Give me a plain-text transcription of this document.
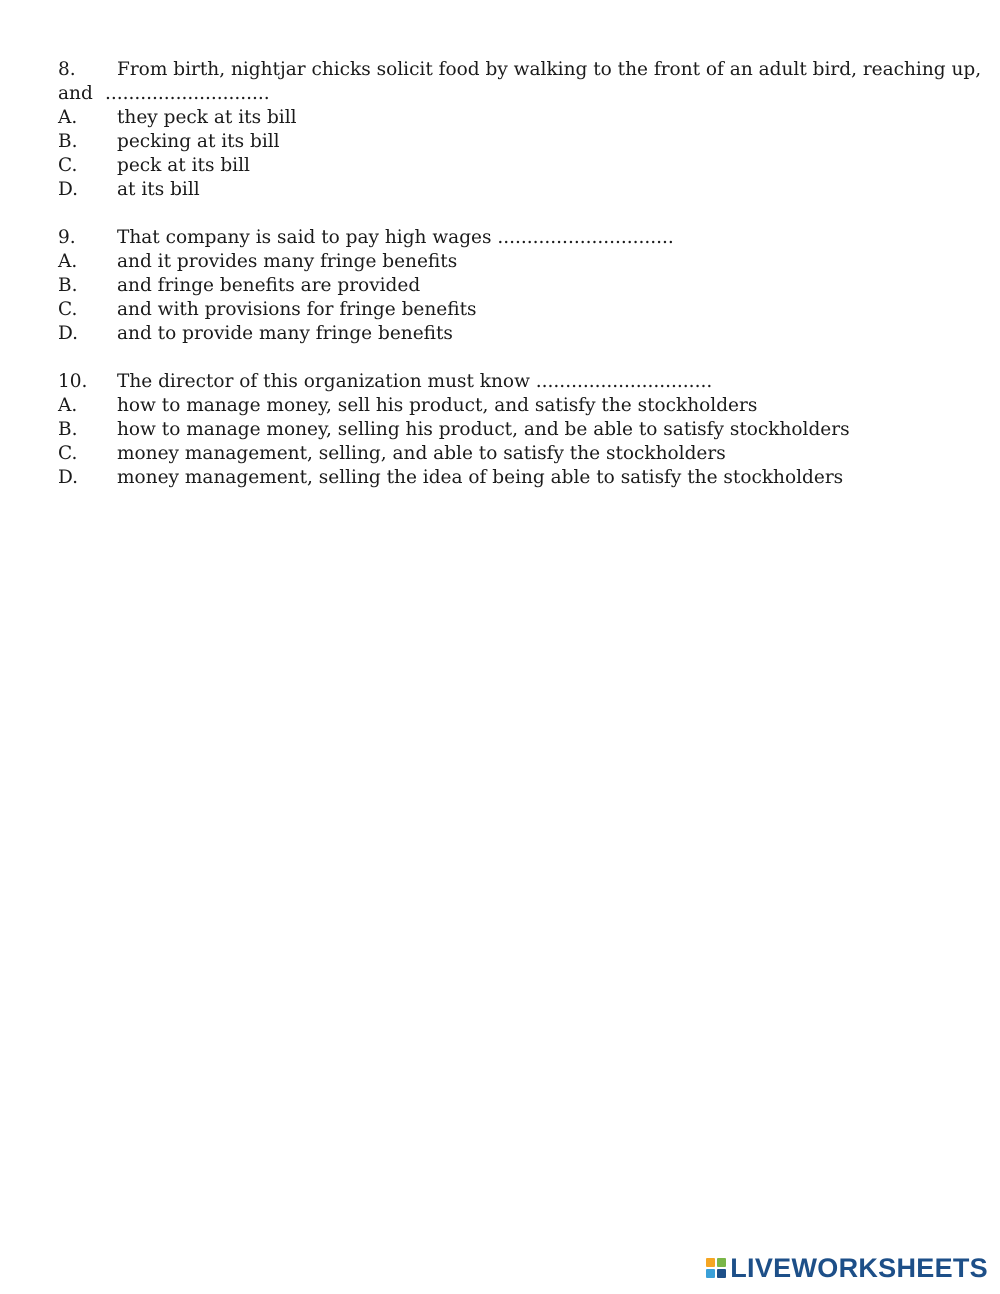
8.	From birth, nightjar chicks solicit food by walking to the front of an adult bird, reaching up,
and ............................
A.	they peck at its bill
B.	pecking at its bill
C.	peck at its bill
D.	at its bill
9.	That company is said to pay high wages ..............................
A.	and it provides many fringe benefits
B.	and fringe benefits are provided
C.	and with provisions for fringe benefits
D.	and to provide many fringe benefits
10.	The director of this organization must know ..............................
A.	how to manage money, sell his product, and satisfy the stockholders
B.	how to manage money, selling his product, and be able to satisfy stockholders
C.	money management, selling, and able to satisfy the stockholders
D.	money management, selling the idea of being able to satisfy the stockholders
LIVEWORKSHEETS
